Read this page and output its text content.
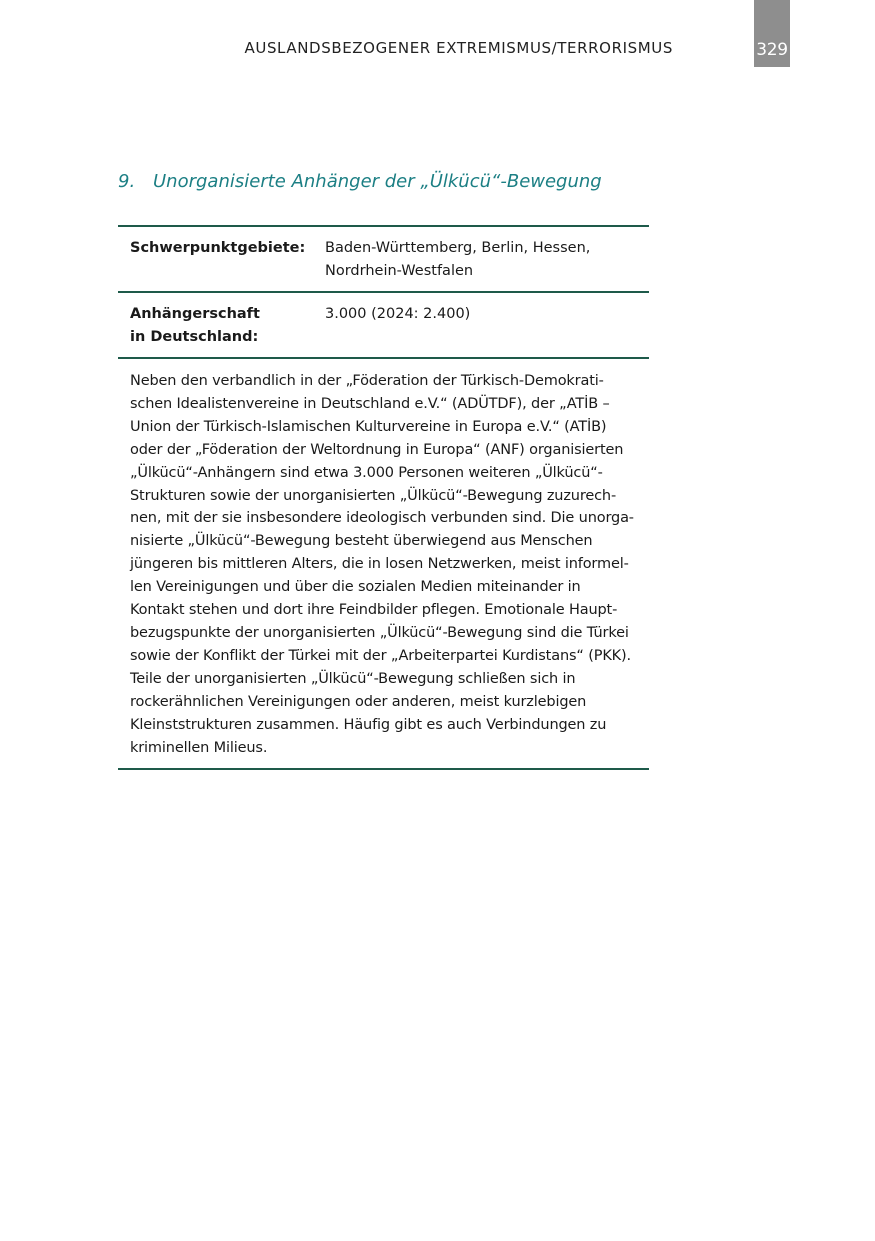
AUSLANDSBEZOGENER EXTREMISMUS/TERRORISMUS	329
9. Unorganisierte Anhänger der „Ülkücü“-Bewegung
Schwerpunktgebiete:	Baden-Württemberg, Berlin, Hessen,
Nordrhein-Westfalen
Anhängerschaft
in Deutschland:
3.000 (2024: 2.400)
Neben den verbandlich in der „Föderation der Türkisch-Demokrati-
schen Idealistenvereine in Deutschland e.V.“ (ADÜTDF), der „ATİB –
Union der Türkisch-Islamischen Kulturvereine in Europa e.V.“ (ATİB)
oder der „Föderation der Weltordnung in Europa“ (ANF) organisierten
„Ülkücü“-Anhängern sind etwa 3.000 Personen weiteren „Ülkücü“-
Strukturen sowie der unorganisierten „Ülkücü“-Bewegung zuzurech-
nen, mit der sie insbesondere ideologisch verbunden sind. Die unorga-
nisierte „Ülkücü“-Bewegung besteht überwiegend aus Menschen
jüngeren bis mittleren Alters, die in losen Netzwerken, meist informel-
len Vereinigungen und über die sozialen Medien miteinander in
Kontakt stehen und dort ihre Feindbilder pflegen. Emotionale Haupt-
bezugspunkte der unorganisierten „Ülkücü“-Bewegung sind die Türkei
sowie der Konflikt der Türkei mit der „Arbeiterpartei Kurdistans“ (PKK).
Teile der unorganisierten „Ülkücü“-Bewegung schließen sich in
rockerähnlichen Vereinigungen oder anderen, meist kurzlebigen
Kleinststrukturen zusammen. Häufig gibt es auch Verbindungen zu
kriminellen Milieus.
